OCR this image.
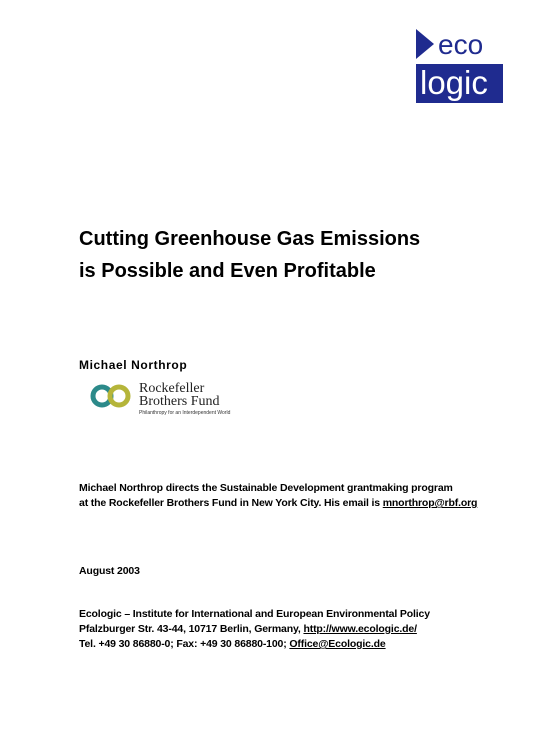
eco
logic
Cutting Greenhouse Gas Emissions
is Possible and Even Profitable
Michael Northrop
Rockefeller
Brothers Fund
Philanthropy for an Interdependent World
Michael Northrop directs the Sustainable Development grantmaking program
at the Rockefeller Brothers Fund in New York City. His email is mnorthrop@rbf.org
August 2003
Ecologic – Institute for International and European Environmental Policy
Pfalzburger Str. 43-44, 10717 Berlin, Germany, http://www.ecologic.de/
Tel. +49 30 86880-0; Fax: +49 30 86880-100; Office@Ecologic.de
